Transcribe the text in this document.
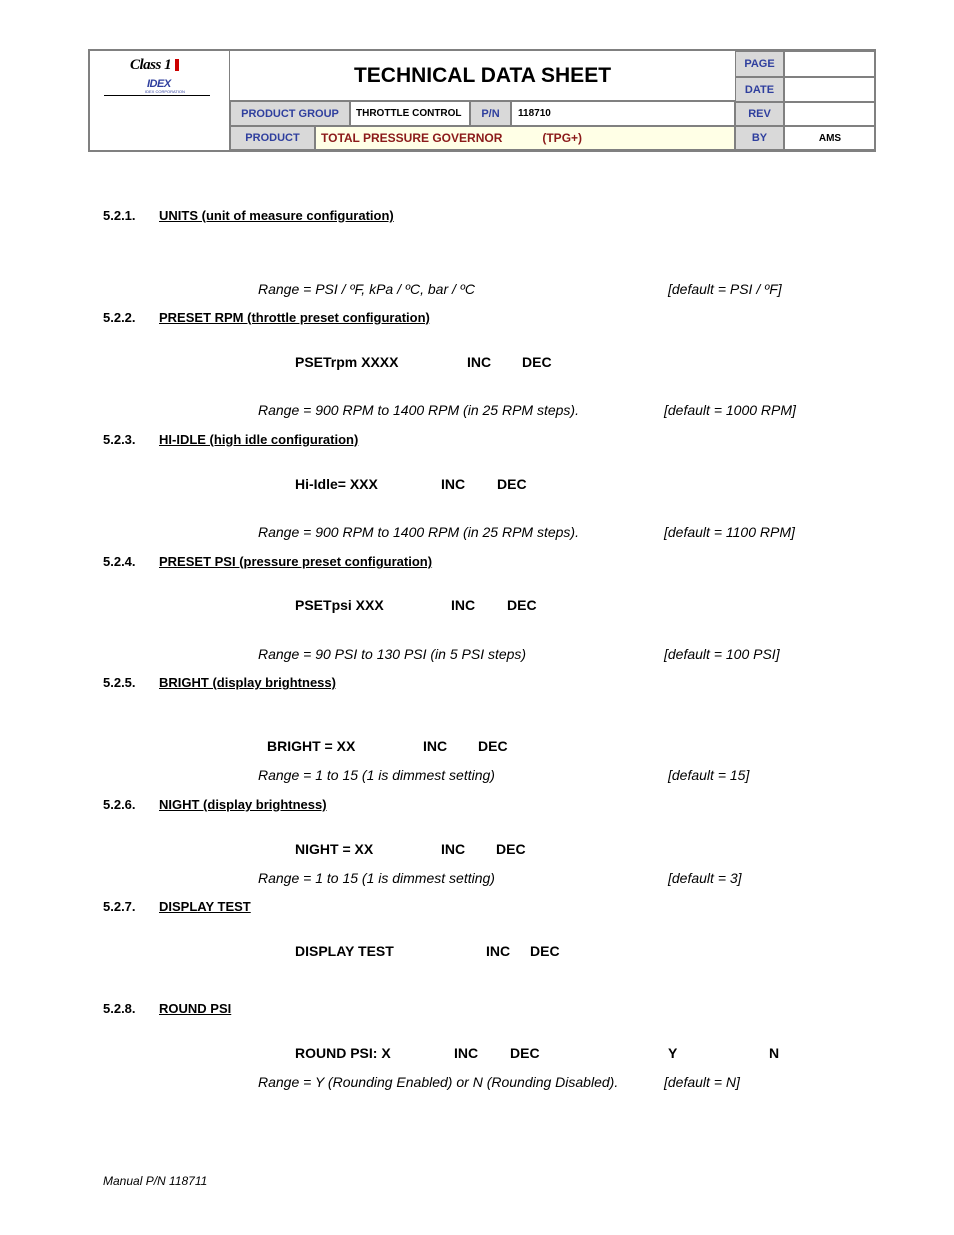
Class 1
IDEX
IDEX CORPORATION
TECHNICAL DATA SHEET	PAGE
DATE
PRODUCT GROUP	THROTTLE CONTROL	P/N	118710	REV
PRODUCT	TOTAL PRESSURE GOVERNOR	(TPG+)	BY	AMS
5.2.1. UNITS (unit of measure configuration)
Range = PSI / ºF, kPa / ºC, bar / ºC	[default = PSI / ºF]
5.2.2. PRESET RPM (throttle preset configuration)
PSETrpm XXXX	INC DEC
Range = 900 RPM to 1400 RPM (in 25 RPM steps).	[default = 1000 RPM]
5.2.3. HI-IDLE (high idle configuration)
Hi-Idle= XXX	INC DEC
Range = 900 RPM to 1400 RPM (in 25 RPM steps).	[default = 1100 RPM]
5.2.4. PRESET PSI (pressure preset configuration)
PSETpsi XXX	INC DEC
Range = 90 PSI to 130 PSI (in 5 PSI steps)	[default = 100 PSI]
5.2.5. BRIGHT (display brightness)
BRIGHT = XX	INC DEC
Range = 1 to 15 (1 is dimmest setting)	[default = 15]
5.2.6. NIGHT (display brightness)
NIGHT = XX	INC DEC
Range = 1 to 15 (1 is dimmest setting)	[default = 3]
5.2.7. DISPLAY TEST
DISPLAY TEST	INC DEC
5.2.8. ROUND PSI
ROUND PSI: X	INC DEC	Y	N
Range = Y (Rounding Enabled) or N (Rounding Disabled).	[default = N]
Manual P/N 118711
